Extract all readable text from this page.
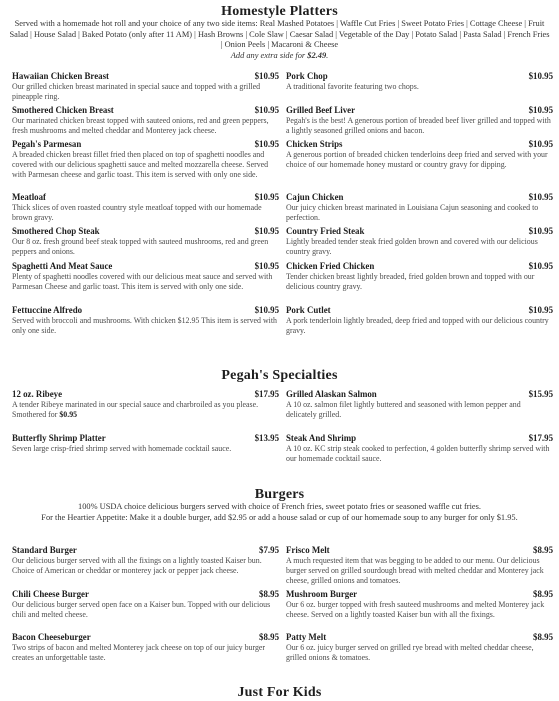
Homestyle Platters
Served with a homemade hot roll and your choice of any two side items: Real Mashed Potatoes | Waffle Cut Fries | Sweet Potato Fries | Cottage Cheese | Fruit Salad | House Salad | Baked Potato (only after 11 AM) | Hash Browns | Cole Slaw | Caesar Salad | Vegetable of the Day | Potato Salad | Pasta Salad | French Fries | Onion Peels | Macaroni & Cheese
Add any extra side for $2.49.
Hawaiian Chicken Breast	$10.95
Our grilled chicken breast marinated in special sauce and topped with a grilled pineapple ring.
Pork Chop	$10.95
A traditional favorite featuring two chops.
Smothered Chicken Breast	$10.95
Our marinated chicken breast topped with sauteed onions, red and green peppers, fresh mushrooms and melted cheddar and Monterey jack cheese.
Grilled Beef Liver	$10.95
Pegah's is the best! A generous portion of breaded beef liver grilled and topped with a lightly seasoned grilled onions and bacon.
Pegah's Parmesan	$10.95
A breaded chicken breast fillet fried then placed on top of spaghetti noodles and covered with our delicious spaghetti sauce and melted mozzarella cheese. Served with Parmesan cheese and garlic toast. This item is served with only one side.
Chicken Strips	$10.95
A generous portion of breaded chicken tenderloins deep fried and served with your choice of our homemade honey mustard or country gravy for dipping.
Meatloaf	$10.95
Thick slices of oven roasted country style meatloaf topped with our homemade brown gravy.
Cajun Chicken	$10.95
Our juicy chicken breast marinated in Louisiana Cajun seasoning and cooked to perfection.
Smothered Chop Steak	$10.95
Our 8 oz. fresh ground beef steak topped with sauteed mushrooms, red and green peppers and onions.
Country Fried Steak	$10.95
Lightly breaded tender steak fried golden brown and covered with our delicious country gravy.
Spaghetti And Meat Sauce	$10.95
Plenty of spaghetti noodles covered with our delicious meat sauce and served with Parmesan Cheese and garlic toast. This item is served with only one side.
Chicken Fried Chicken	$10.95
Tender chicken breast lightly breaded, fried golden brown and topped with our delicious country gravy.
Fettuccine Alfredo	$10.95
Served with broccoli and mushrooms. With chicken $12.95 This item is served with only one side.
Pork Cutlet	$10.95
A pork tenderloin lightly breaded, deep fried and topped with our delicious country gravy.
Pegah's Specialties
12 oz. Ribeye	$17.95
A tender Ribeye marinated in our special sauce and charbroiled as you please.
Smothered for $0.95
Grilled Alaskan Salmon	$15.95
A 10 oz. salmon filet lightly buttered and seasoned with lemon pepper and delicately grilled.
Butterfly Shrimp Platter	$13.95
Seven large crisp-fried shrimp served with homemade cocktail sauce.
Steak And Shrimp	$17.95
A 10 oz. KC strip steak cooked to perfection, 4 golden butterfly shrimp served with our homemade cocktail sauce.
Burgers
100% USDA choice delicious burgers served with choice of French fries, sweet potato fries or seasoned waffle cut fries.
For the Heartier Appetite: Make it a double burger, add $2.95 or add a house salad or cup of our homemade soup to any burger for only $1.95.
Standard Burger	$7.95
Our delicious burger served with all the fixings on a lightly toasted Kaiser bun. Choice of American or cheddar or monterey jack or pepper jack cheese.
Frisco Melt	$8.95
A much requested item that was begging to be added to our menu. Our delicious burger served on grilled sourdough bread with melted cheddar and Monterey jack cheese, grilled onions and tomatoes.
Chili Cheese Burger	$8.95
Our delicious burger served open face on a Kaiser bun. Topped with our delicious chili and melted cheese.
Mushroom Burger	$8.95
Our 6 oz. burger topped with fresh sauteed mushrooms and melted Monterey jack cheese. Served on a lightly toasted Kaiser bun with all the fixings.
Bacon Cheeseburger	$8.95
Two strips of bacon and melted Monterey jack cheese on top of our juicy burger creates an unforgettable taste.
Patty Melt	$8.95
Our 6 oz. juicy burger served on grilled rye bread with melted cheddar cheese, grilled onions & tomatoes.
Just For Kids
